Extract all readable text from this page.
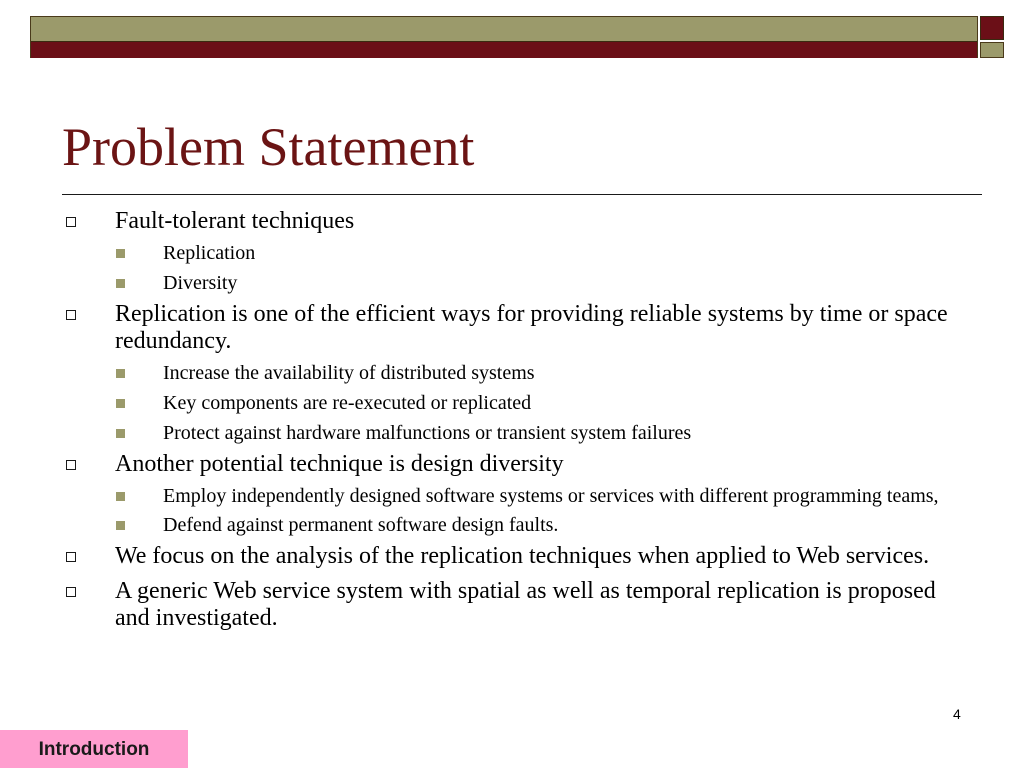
Problem Statement
Fault-tolerant techniques
Replication
Diversity
Replication is one of the efficient ways for providing reliable systems by time or space redundancy.
Increase the availability of distributed systems
Key components are re-executed or replicated
Protect against hardware malfunctions or transient system failures
Another potential technique is design diversity
Employ independently designed software systems or services with different programming teams,
Defend against permanent software design faults.
We focus on the analysis of the replication techniques when applied to Web services.
A generic Web service system with spatial as well as temporal replication is proposed and investigated.
4
Introduction
